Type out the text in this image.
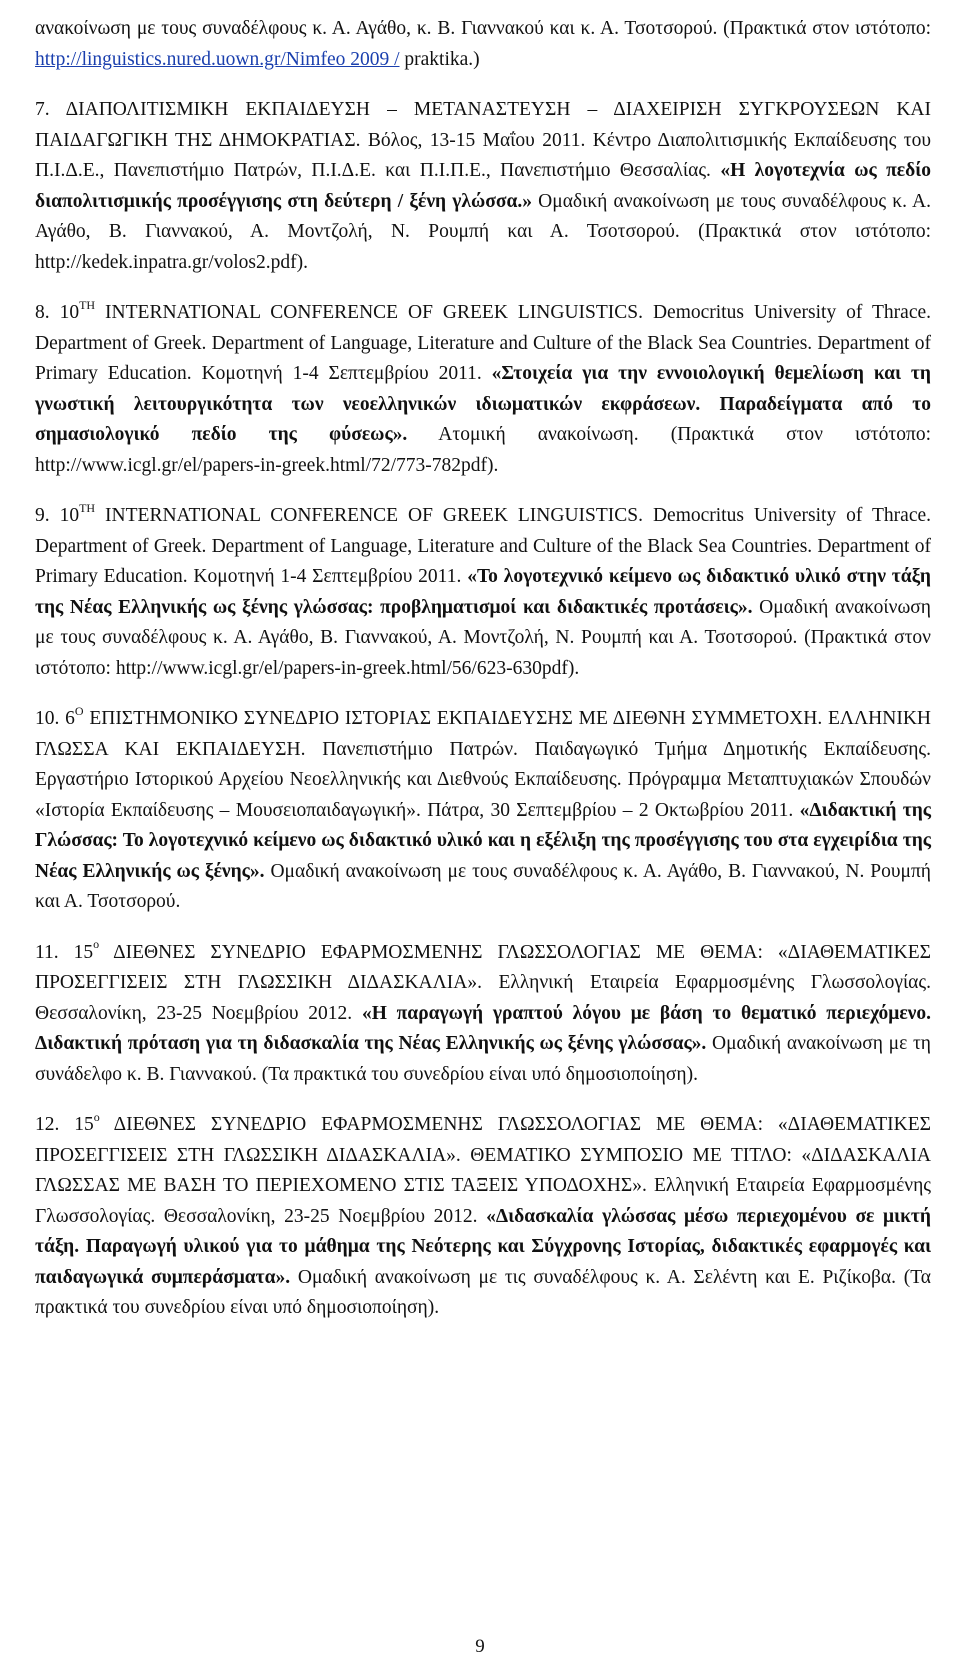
ανακοίνωση με τους συναδέλφους κ. Α. Αγάθο, κ. Β. Γιαννακού και κ. Α. Τσοτσορού. (Πρακτικά στον ιστότοπο: http://linguistics.nured.uown.gr/Nimfeo 2009 / praktika.)

7. ΔΙΑΠΟΛΙΤΙΣΜΙΚΗ ΕΚΠΑΙΔΕΥΣΗ – ΜΕΤΑΝΑΣΤΕΥΣΗ – ΔΙΑΧΕΙΡΙΣΗ ΣΥΓΚΡΟΥΣΕΩΝ ΚΑΙ ΠΑΙΔΑΓΩΓΙΚΗ ΤΗΣ ΔΗΜΟΚΡΑΤΙΑΣ. Βόλος, 13-15 Μαΐου 2011. Κέντρο Διαπολιτισμικής Εκπαίδευσης του Π.Ι.Δ.Ε., Πανεπιστήμιο Πατρών, Π.Ι.Δ.Ε. και Π.Ι.Π.Ε., Πανεπιστήμιο Θεσσαλίας. «Η λογοτεχνία ως πεδίο διαπολιτισμικής προσέγγισης στη δεύτερη / ξένη γλώσσα.» Ομαδική ανακοίνωση με τους συναδέλφους κ. Α. Αγάθο, Β. Γιαννακού, Α. Μοντζολή, Ν. Ρουμπή και Α. Τσοτσορού. (Πρακτικά στον ιστότοπο: http://kedek.inpatra.gr/volos2.pdf).

8. $10^{TH}$ INTERNATIONAL CONFERENCE OF GREEK LINGUISTICS. Democritus University of Thrace. Department of Greek. Department of Language, Literature and Culture of the Black Sea Countries. Department of Primary Education. Κομοτηνή 1-4 Σεπτεμβρίου 2011. «Στοιχεία για την εννοιολογική θεμελίωση και τη γνωστική λειτουργικότητα των νεοελληνικών ιδιωματικών εκφράσεων. Παραδείγματα από το σημασιολογικό πεδίο της φύσεως». Ατομική ανακοίνωση. (Πρακτικά στον ιστότοπο: http://www.icgl.gr/el/papers-in-greek.html/72/773-782pdf).

9. $10^{TH}$ INTERNATIONAL CONFERENCE OF GREEK LINGUISTICS. Democritus University of Thrace. Department of Greek. Department of Language, Literature and Culture of the Black Sea Countries. Department of Primary Education. Κομοτηνή 1-4 Σεπτεμβρίου 2011. «Το λογοτεχνικό κείμενο ως διδακτικό υλικό στην τάξη της Νέας Ελληνικής ως ξένης γλώσσας: προβληματισμοί και διδακτικές προτάσεις». Ομαδική ανακοίνωση με τους συναδέλφους κ. Α. Αγάθο, Β. Γιαννακού, Α. Μοντζολή, Ν. Ρουμπή και Α. Τσοτσορού. (Πρακτικά στον ιστότοπο: http://www.icgl.gr/el/papers-in-greek.html/56/623-630pdf).

10. $6^O$ ΕΠΙΣΤΗΜΟΝΙΚΟ ΣΥΝΕΔΡΙΟ ΙΣΤΟΡΙΑΣ ΕΚΠΑΙΔΕΥΣΗΣ ΜΕ ΔΙΕΘΝΗ ΣΥΜΜΕΤΟΧΗ. ΕΛΛΗΝΙΚΗ ΓΛΩΣΣΑ ΚΑΙ ΕΚΠΑΙΔΕΥΣΗ. Πανεπιστήμιο Πατρών. Παιδαγωγικό Τμήμα Δημοτικής Εκπαίδευσης. Εργαστήριο Ιστορικού Αρχείου Νεοελληνικής και Διεθνούς Εκπαίδευσης. Πρόγραμμα Μεταπτυχιακών Σπουδών «Ιστορία Εκπαίδευσης – Μουσειοπαιδαγωγική». Πάτρα, 30 Σεπτεμβρίου – 2 Οκτωβρίου 2011. «Διδακτική της Γλώσσας: Το λογοτεχνικό κείμενο ως διδακτικό υλικό και η εξέλιξη της προσέγγισης του στα εγχειρίδια της Νέας Ελληνικής ως ξένης». Ομαδική ανακοίνωση με τους συναδέλφους κ. Α. Αγάθο, Β. Γιαννακού, Ν. Ρουμπή και Α. Τσοτσορού.

11. $15^o$ ΔΙΕΘΝΕΣ ΣΥΝΕΔΡΙΟ ΕΦΑΡΜΟΣΜΕΝΗΣ ΓΛΩΣΣΟΛΟΓΙΑΣ ΜΕ ΘΕΜΑ: «ΔΙΑΘΕΜΑΤΙΚΕΣ ΠΡΟΣΕΓΓΙΣΕΙΣ ΣΤΗ ΓΛΩΣΣΙΚΗ ΔΙΔΑΣΚΑΛΙΑ». Ελληνική Εταιρεία Εφαρμοσμένης Γλωσσολογίας. Θεσσαλονίκη, 23-25 Νοεμβρίου 2012. «Η παραγωγή γραπτού λόγου με βάση το θεματικό περιεχόμενο. Διδακτική πρόταση για τη διδασκαλία της Νέας Ελληνικής ως ξένης γλώσσας». Ομαδική ανακοίνωση με τη συνάδελφο κ. Β. Γιαννακού. (Τα πρακτικά του συνεδρίου είναι υπό δημοσιοποίηση).

12. $15^o$ ΔΙΕΘΝΕΣ ΣΥΝΕΔΡΙΟ ΕΦΑΡΜΟΣΜΕΝΗΣ ΓΛΩΣΣΟΛΟΓΙΑΣ ΜΕ ΘΕΜΑ: «ΔΙΑΘΕΜΑΤΙΚΕΣ ΠΡΟΣΕΓΓΙΣΕΙΣ ΣΤΗ ΓΛΩΣΣΙΚΗ ΔΙΔΑΣΚΑΛΙΑ». ΘΕΜΑΤΙΚΟ ΣΥΜΠΟΣΙΟ ΜΕ ΤΙΤΛΟ: «ΔΙΔΑΣΚΑΛΙΑ ΓΛΩΣΣΑΣ ΜΕ ΒΑΣΗ ΤΟ ΠΕΡΙΕΧΟΜΕΝΟ ΣΤΙΣ ΤΑΞΕΙΣ ΥΠΟΔΟΧΗΣ». Ελληνική Εταιρεία Εφαρμοσμένης Γλωσσολογίας. Θεσσαλονίκη, 23-25 Νοεμβρίου 2012. «Διδασκαλία γλώσσας μέσω περιεχομένου σε μικτή τάξη. Παραγωγή υλικού για το μάθημα της Νεότερης και Σύγχρονης Ιστορίας, διδακτικές εφαρμογές και παιδαγωγικά συμπεράσματα». Ομαδική ανακοίνωση με τις συναδέλφους κ. Α. Σελέντη και Ε. Ριζίκοβα. (Τα πρακτικά του συνεδρίου είναι υπό δημοσιοποίηση).

9
